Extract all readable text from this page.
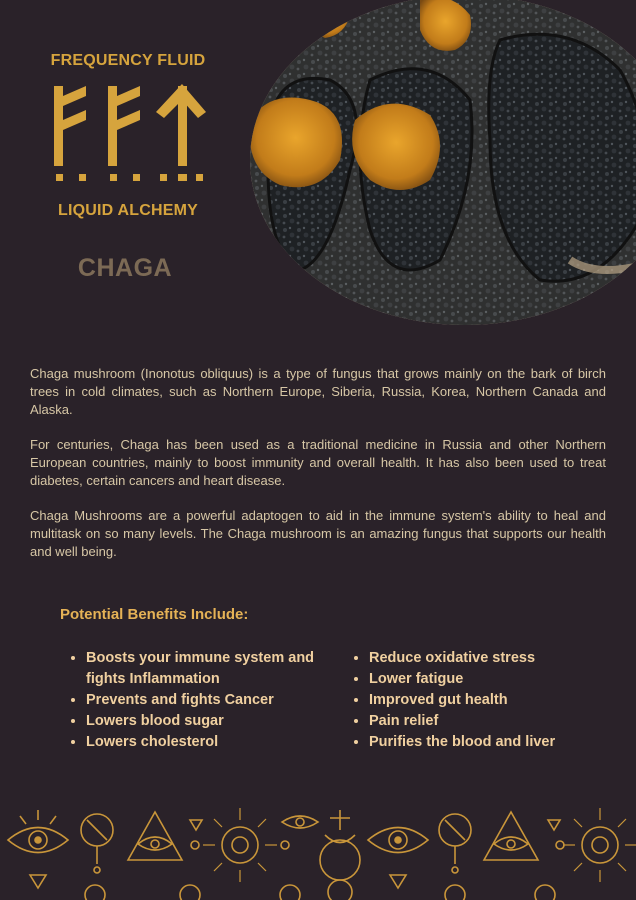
FREQUENCY FLUID
LIQUID ALCHEMY
CHAGA

Chaga mushroom (Inonotus obliquus) is a type of fungus that grows mainly on the bark of birch trees in cold climates, such as Northern Europe, Siberia, Russia, Korea, Northern Canada and Alaska.

For centuries, Chaga has been used as a traditional medicine in Russia and other Northern European countries, mainly to boost immunity and overall health. It has also been used to treat diabetes, certain cancers and heart disease.

Chaga Mushrooms are a powerful adaptogen to aid in the immune system's ability to heal and multitask on so many levels. The Chaga mushroom is an amazing fungus that supports our health and well being.

Potential Benefits Include:
• Boosts your immune system and fights Inflammation
• Prevents and fights Cancer
• Lowers blood sugar
• Lowers cholesterol
• Reduce oxidative stress
• Lower fatigue
• Improved gut health
• Pain relief
• Purifies the blood and liver
